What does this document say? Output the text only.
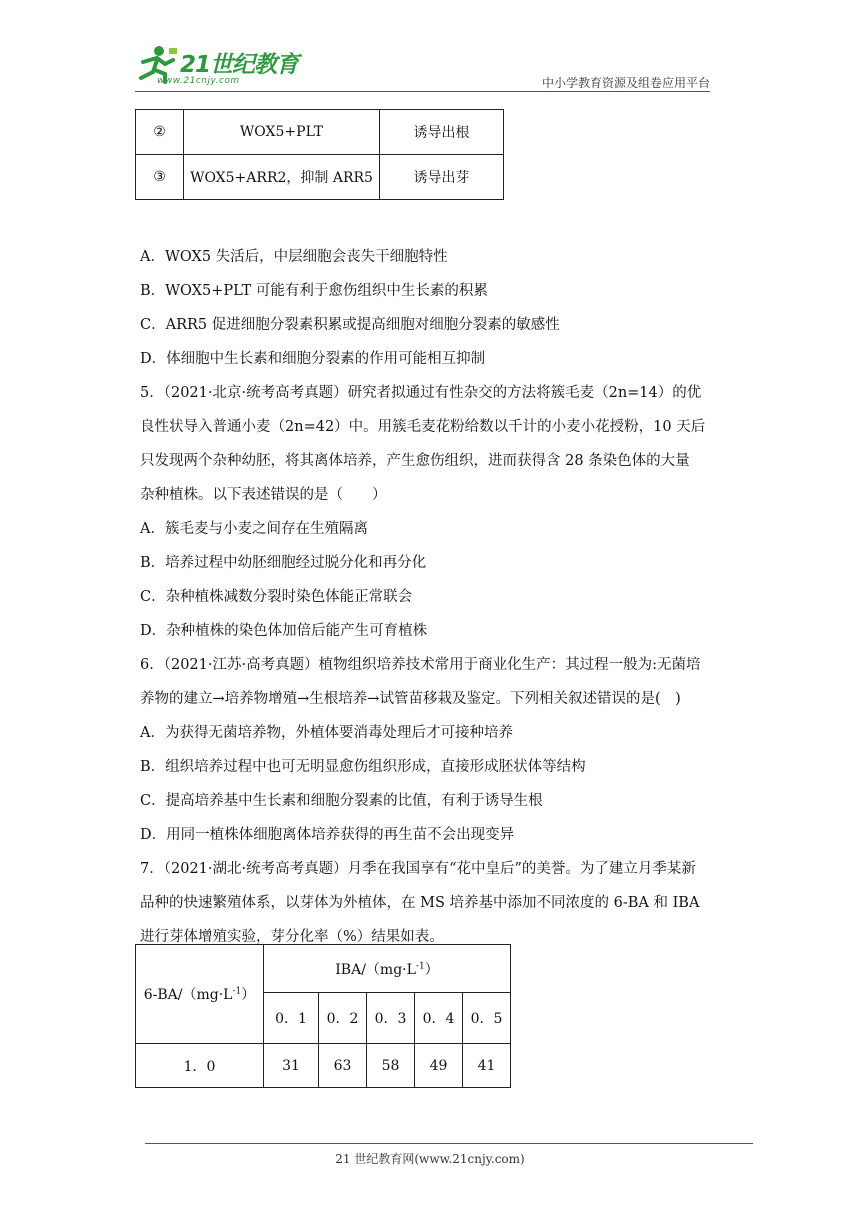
21世纪教育
www.21cnjy.com	中小学教育资源及组卷应用平台
②	WOX5+PLT	诱导出根
③	WOX5+ARR2，抑制 ARR5	诱导出芽

A．WOX5 失活后，中层细胞会丧失干细胞特性

B．WOX5+PLT 可能有利于愈伤组织中生长素的积累

C．ARR5 促进细胞分裂素积累或提高细胞对细胞分裂素的敏感性

D．体细胞中生长素和细胞分裂素的作用可能相互抑制

5．（2021·北京·统考高考真题）研究者拟通过有性杂交的方法将簇毛麦（2n=14）的优

良性状导入普通小麦（2n=42）中。用簇毛麦花粉给数以千计的小麦小花授粉，10 天后

只发现两个杂种幼胚，将其离体培养，产生愈伤组织，进而获得含 28 条染色体的大量

杂种植株。以下表述错误的是（　　）

A．簇毛麦与小麦之间存在生殖隔离

B．培养过程中幼胚细胞经过脱分化和再分化

C．杂种植株减数分裂时染色体能正常联会

D．杂种植株的染色体加倍后能产生可育植株

6．（2021·江苏·高考真题）植物组织培养技术常用于商业化生产：其过程一般为:无菌培

养物的建立→培养物增殖→生根培养→试管苗移栽及鉴定。下列相关叙述错误的是(　)

A．为获得无菌培养物，外植体要消毒处理后才可接种培养

B．组织培养过程中也可无明显愈伤组织形成，直接形成胚状体等结构

C．提高培养基中生长素和细胞分裂素的比值，有利于诱导生根

D．用同一植株体细胞离体培养获得的再生苗不会出现变异

7．（2021·湖北·统考高考真题）月季在我国享有“花中皇后”的美誉。为了建立月季某新

品种的快速繁殖体系，以芽体为外植体，在 MS 培养基中添加不同浓度的 6-BA 和 IBA

进行芽体增殖实验，芽分化率（%）结果如表。

$6-BA/(mg\cdot L^{-1})$	IBA/$(mg\cdot L^{-1})$				
	0．1	0．2	0．3	0．4	0．5
1．0	31	63	58	49	41
21 世纪教育网(www.21cnjy.com)
